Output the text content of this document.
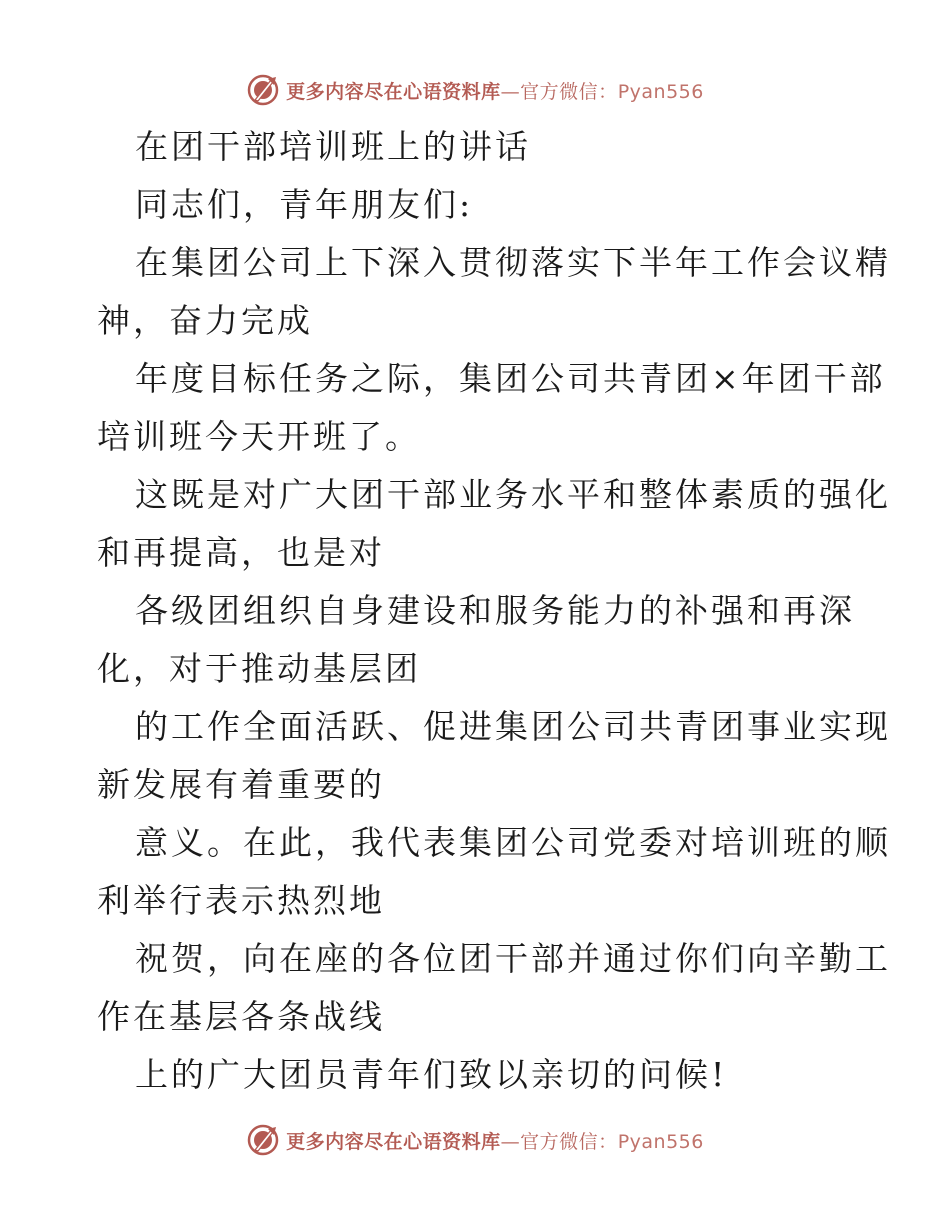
更多内容尽在心语资料库—官方微信：Pyan556
在团干部培训班上的讲话
同志们，青年朋友们:
在集团公司上下深入贯彻落实下半年工作会议精
神，奋力完成
年度目标任务之际，集团公司共青团×年团干部
培训班今天开班了。
这既是对广大团干部业务水平和整体素质的强化
和再提高，也是对
各级团组织自身建设和服务能力的补强和再深
化，对于推动基层团
的工作全面活跃、促进集团公司共青团事业实现
新发展有着重要的
意义。在此，我代表集团公司党委对培训班的顺
利举行表示热烈地
祝贺，向在座的各位团干部并通过你们向辛勤工
作在基层各条战线
上的广大团员青年们致以亲切的问候!
更多内容尽在心语资料库—官方微信：Pyan556
